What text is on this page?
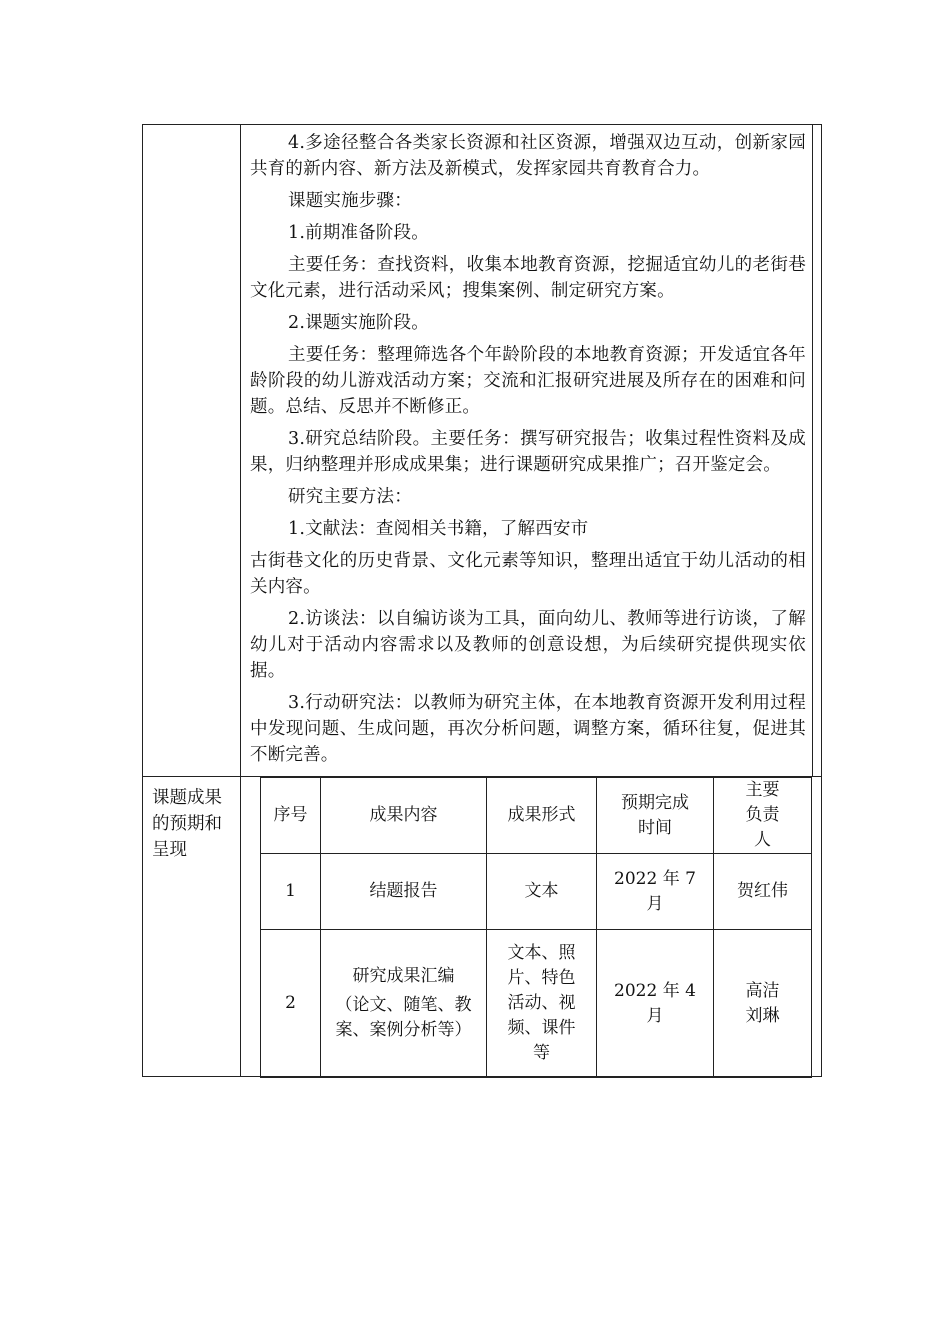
4.多途径整合各类家长资源和社区资源，增强双边互动，创新家园共育的新内容、新方法及新模式，发挥家园共育教育合力。

课题实施步骤：

1.前期准备阶段。

主要任务：查找资料，收集本地教育资源，挖掘适宜幼儿的老街巷文化元素，进行活动采风；搜集案例、制定研究方案。

2.课题实施阶段。

主要任务：整理筛选各个年龄阶段的本地教育资源；开发适宜各年龄阶段的幼儿游戏活动方案；交流和汇报研究进展及所存在的困难和问题。总结、反思并不断修正。

3.研究总结阶段。主要任务：撰写研究报告；收集过程性资料及成果，归纳整理并形成成果集；进行课题研究成果推广；召开鉴定会。

研究主要方法：

1.文献法：查阅相关书籍，了解西安市

古街巷文化的历史背景、文化元素等知识，整理出适宜于幼儿活动的相关内容。

2.访谈法：以自编访谈为工具，面向幼儿、教师等进行访谈，了解幼儿对于活动内容需求以及教师的创意设想，为后续研究提供现实依据。

3.行动研究法：以教师为研究主体，在本地教育资源开发利用过程中发现问题、生成问题，再次分析问题，调整方案，循环往复，促进其不断完善。

课题成果的预期和呈现
序号	成果内容	成果形式	预期完成时间	主要负责人
1	结题报告	文本	2022 年 7 月	贺红伟
2	研究成果汇编
（论文、随笔、教案、案例分析等）	文本、照片、特色活动、视频、课件等	2022 年 4 月	高洁 刘琳
